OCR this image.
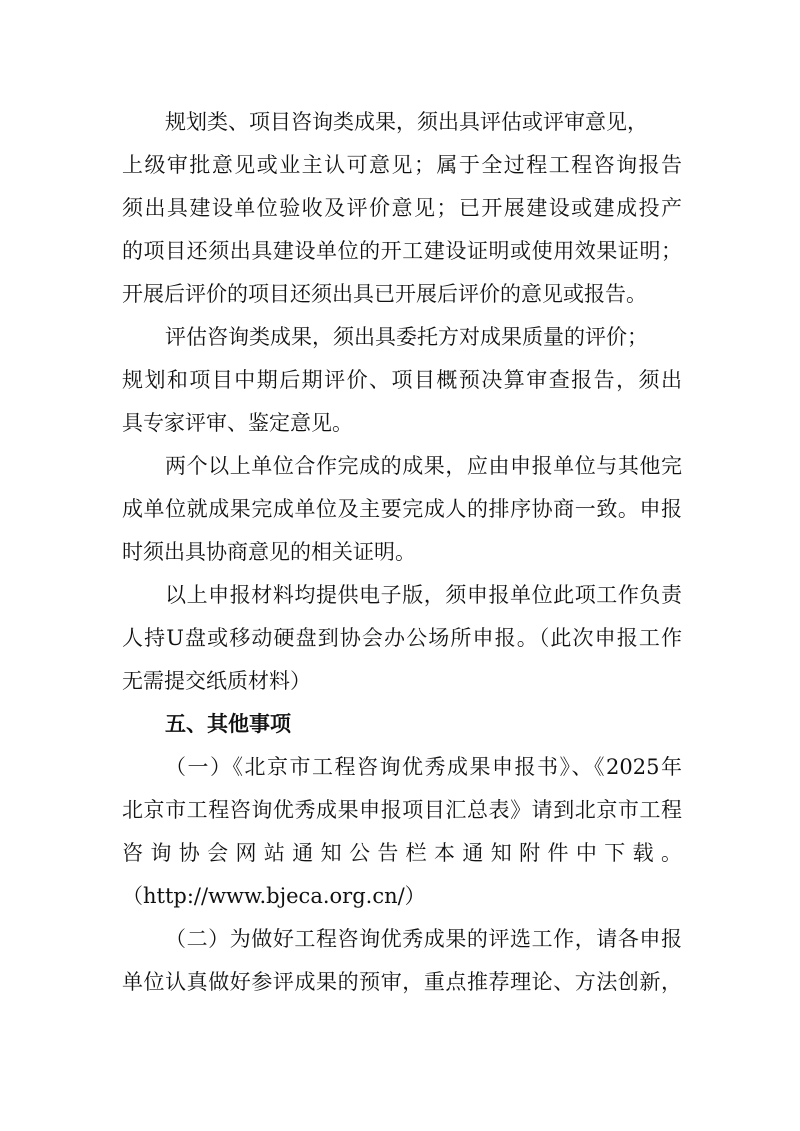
规划类、项目咨询类成果，须出具评估或评审意见，
上级审批意见或业主认可意见；属于全过程工程咨询报告
须出具建设单位验收及评价意见；已开展建设或建成投产
的项目还须出具建设单位的开工建设证明或使用效果证明；
开展后评价的项目还须出具已开展后评价的意见或报告。
评估咨询类成果，须出具委托方对成果质量的评价；
规划和项目中期后期评价、项目概预决算审查报告，须出
具专家评审、鉴定意见。
两个以上单位合作完成的成果，应由申报单位与其他完
成单位就成果完成单位及主要完成人的排序协商一致。申报
时须出具协商意见的相关证明。
以上申报材料均提供电子版，须申报单位此项工作负责
人持U盘或移动硬盘到协会办公场所申报。（此次申报工作
无需提交纸质材料）
五、其他事项
（一）《北京市工程咨询优秀成果申报书》、《2025年
北京市工程咨询优秀成果申报项目汇总表》请到北京市工程
咨询协会网站通知公告栏本通知附件中下载。
（http://www.bjeca.org.cn/）
（二）为做好工程咨询优秀成果的评选工作，请各申报
单位认真做好参评成果的预审，重点推荐理论、方法创新，
